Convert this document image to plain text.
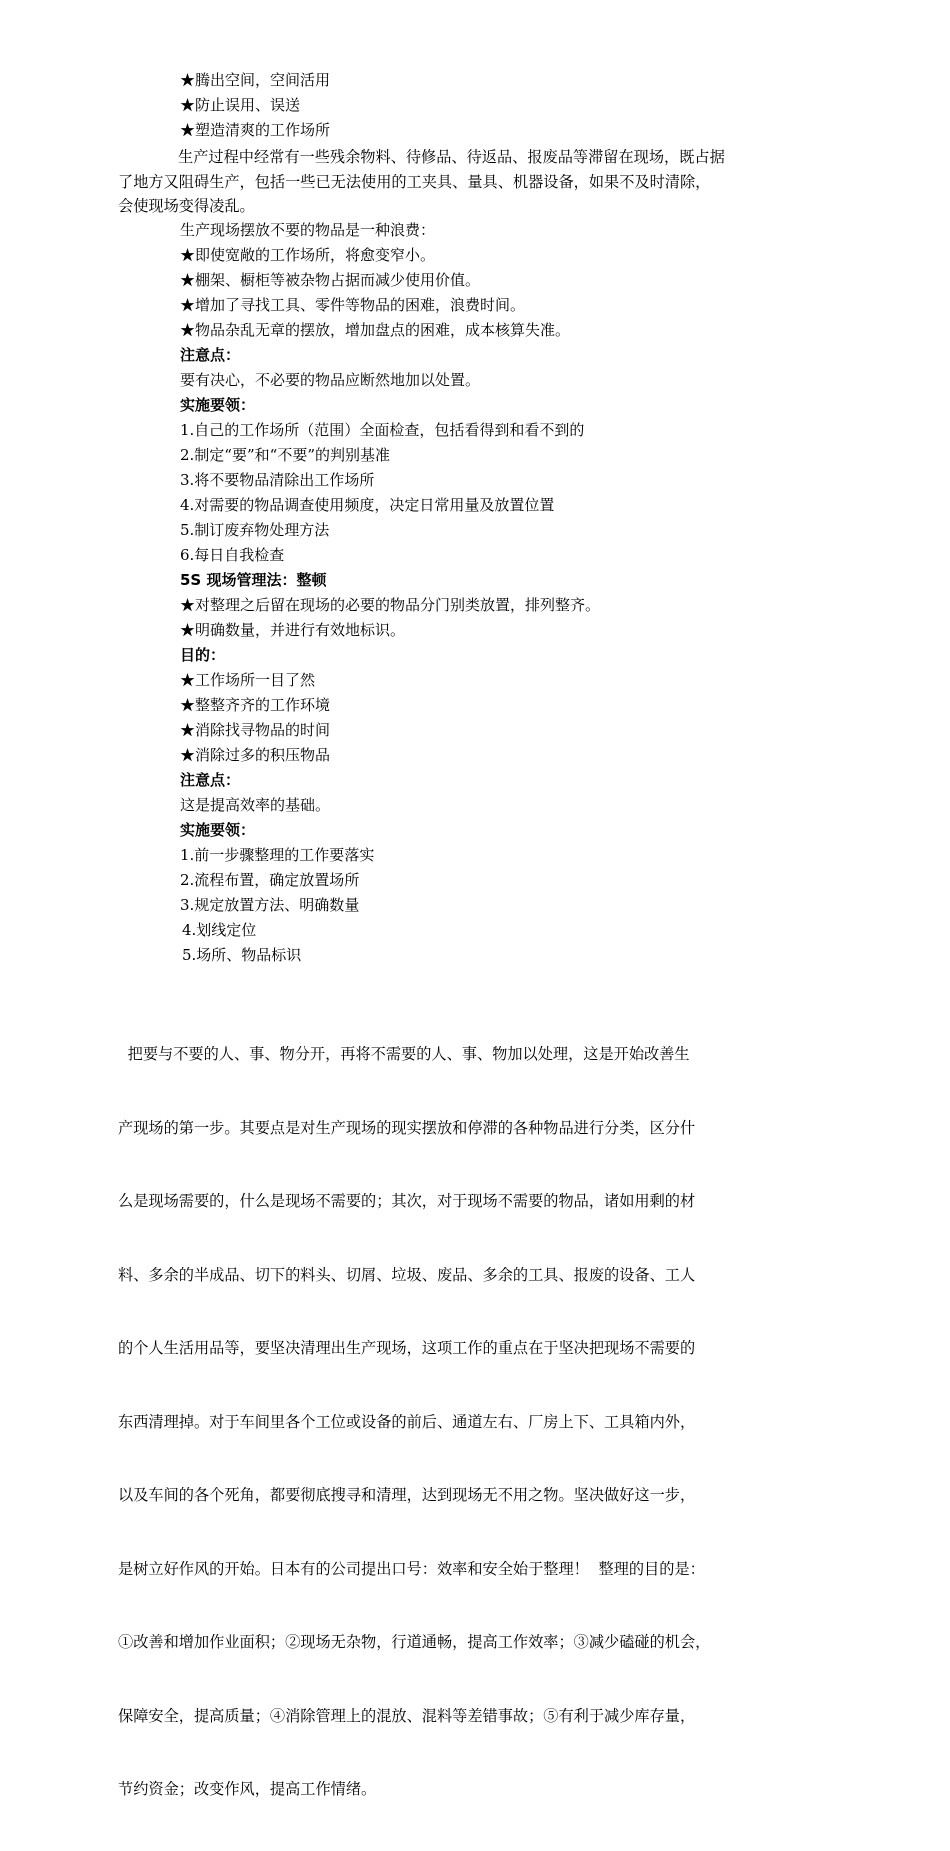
★腾出空间，空间活用

★防止误用、误送

★塑造清爽的工作场所

生产过程中经常有一些残余物料、待修品、待返品、报废品等滞留在现场，既占据
了地方又阻碍生产，包括一些已无法使用的工夹具、量具、机器设备，如果不及时清除，
会使现场变得凌乱。

生产现场摆放不要的物品是一种浪费：

★即使宽敞的工作场所，将愈变窄小。

★棚架、橱柜等被杂物占据而减少使用价值。

★增加了寻找工具、零件等物品的困难，浪费时间。

★物品杂乱无章的摆放，增加盘点的困难，成本核算失准。

注意点：

要有决心，不必要的物品应断然地加以处置。

实施要领：

1.自己的工作场所（范围）全面检查，包括看得到和看不到的

2.制定“要”和“不要”的判别基准

3.将不要物品清除出工作场所

4.对需要的物品调查使用频度，决定日常用量及放置位置

5.制订废弃物处理方法

6.每日自我检查

5S 现场管理法：整顿

★对整理之后留在现场的必要的物品分门别类放置，排列整齐。

★明确数量，并进行有效地标识。

目的：

★工作场所一目了然

★整整齐齐的工作环境

★消除找寻物品的时间

★消除过多的积压物品

注意点：

这是提高效率的基础。

实施要领：

1.前一步骤整理的工作要落实

2.流程布置，确定放置场所

3.规定放置方法、明确数量

4.划线定位

5.场所、物品标识

把要与不要的人、事、物分开，再将不需要的人、事、物加以处理，这是开始改善生

产现场的第一步。其要点是对生产现场的现实摆放和停滞的各种物品进行分类，区分什

么是现场需要的，什么是现场不需要的；其次，对于现场不需要的物品，诸如用剩的材

料、多余的半成品、切下的料头、切屑、垃圾、废品、多余的工具、报废的设备、工人

的个人生活用品等，要坚决清理出生产现场，这项工作的重点在于坚决把现场不需要的

东西清理掉。对于车间里各个工位或设备的前后、通道左右、厂房上下、工具箱内外，

以及车间的各个死角，都要彻底搜寻和清理，达到现场无不用之物。坚决做好这一步，

是树立好作风的开始。日本有的公司提出口号：效率和安全始于整理！  整理的目的是：

①改善和增加作业面积；②现场无杂物，行道通畅，提高工作效率；③减少磕碰的机会，

保障安全，提高质量；④消除管理上的混放、混料等差错事故；⑤有利于减少库存量，

节约资金；改变作风，提高工作情绪。
